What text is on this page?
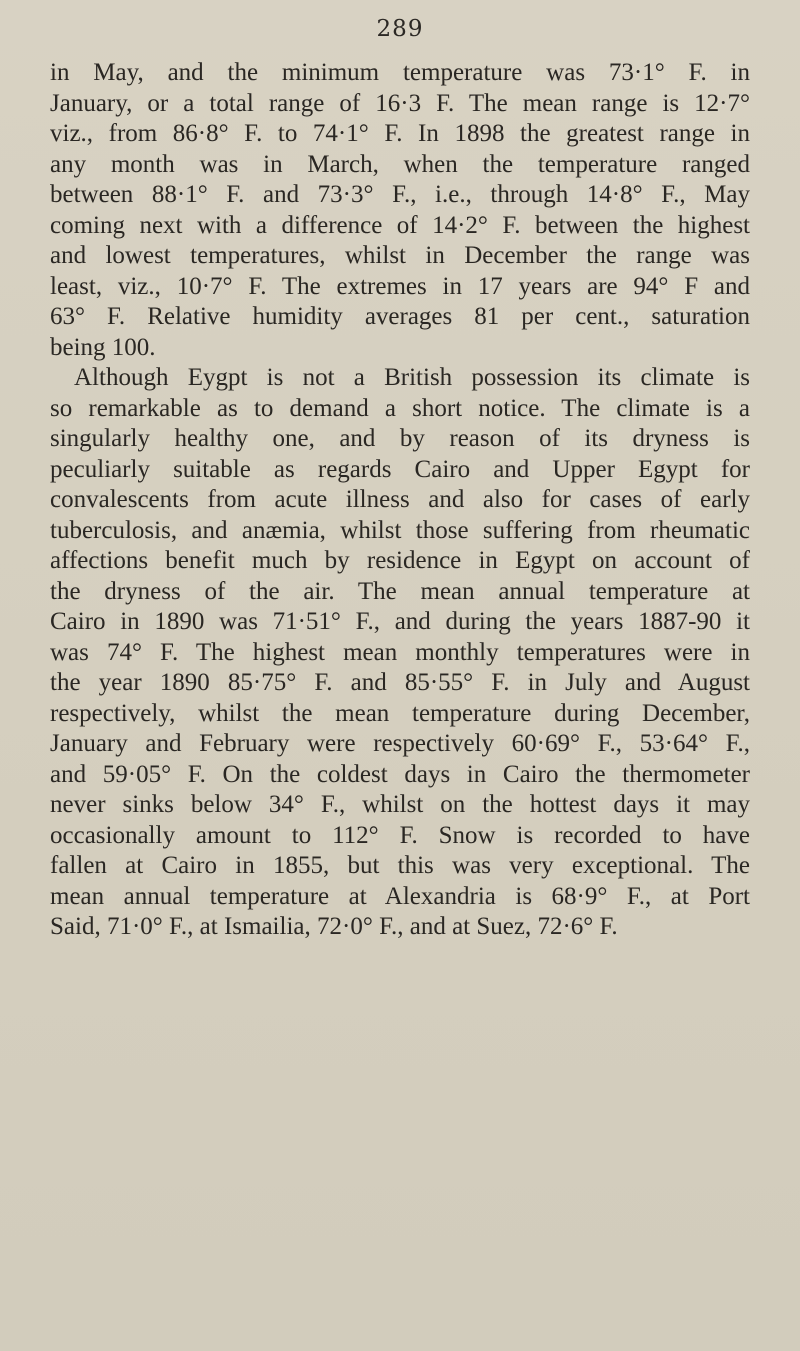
289
in May, and the minimum temperature was 73·1° F. in
January, or a total range of 16·3 F. The mean range is 12·7°
viz., from 86·8° F. to 74·1° F. In 1898 the greatest range in
any month was in March, when the temperature ranged
between 88·1° F. and 73·3° F., i.e., through 14·8° F., May
coming next with a difference of 14·2° F. between the highest
and lowest temperatures, whilst in December the range was
least, viz., 10·7° F. The extremes in 17 years are 94° F and
63° F. Relative humidity averages 81 per cent., saturation
being 100.
Although Eygpt is not a British possession its climate is
so remarkable as to demand a short notice. The climate is a
singularly healthy one, and by reason of its dryness is
peculiarly suitable as regards Cairo and Upper Egypt for
convalescents from acute illness and also for cases of early
tuberculosis, and anæmia, whilst those suffering from rheumatic
affections benefit much by residence in Egypt on account of
the dryness of the air. The mean annual temperature at
Cairo in 1890 was 71·51° F., and during the years 1887-90 it
was 74° F. The highest mean monthly temperatures were in
the year 1890 85·75° F. and 85·55° F. in July and August
respectively, whilst the mean temperature during December,
January and February were respectively 60·69° F., 53·64° F.,
and 59·05° F. On the coldest days in Cairo the thermometer
never sinks below 34° F., whilst on the hottest days it may
occasionally amount to 112° F. Snow is recorded to have
fallen at Cairo in 1855, but this was very exceptional. The
mean annual temperature at Alexandria is 68·9° F., at Port
Said, 71·0° F., at Ismailia, 72·0° F., and at Suez, 72·6° F.
